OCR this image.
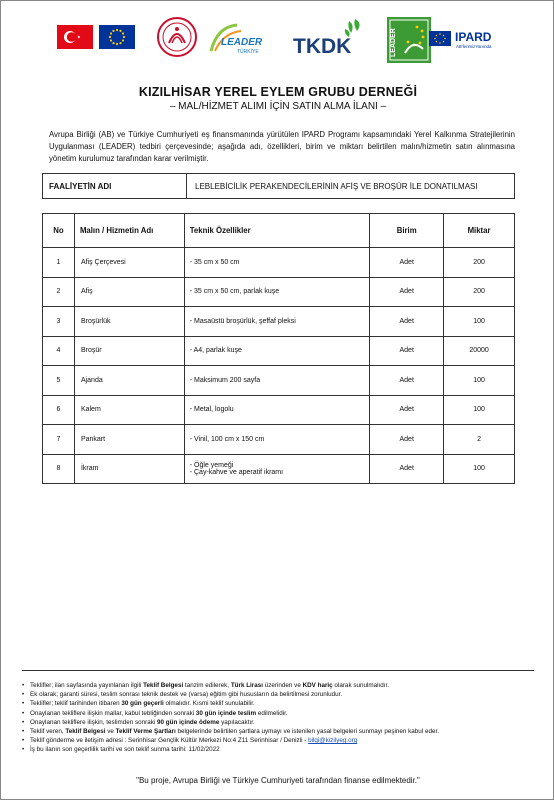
LEADER
TÜRKİYE TKDK	LEADER	IPARD
AB'lerimizYanında
KIZILHİSAR YEREL EYLEM GRUBU DERNEĞİ
– MAL/HİZMET ALIMI İÇİN SATIN ALMA İLANI –

Avrupa Birliği (AB) ve Türkiye Cumhuriyeti eş finansmanında yürütülen IPARD Programı kapsamındaki Yerel Kalkınma Stratejilerinin Uygulanması (LEADER) tedbiri çerçevesinde; aşağıda adı, özellikleri, birim ve miktarı belirtilen malın/hizmetin satın alınmasına yönetim kurulumuz tarafından karar verilmiştir.

FAALİYETİN ADI	LEBLEBİCİLİK PERAKENDECİLERİNİN AFİŞ VE BROŞÜR İLE DONATILMASI
No	Malın / Hizmetin Adı	Teknik Özellikler	Birim	Miktar
1	Afiş Çerçevesi	- 35 cm x 50 cm	Adet	200
2	Afiş	- 35 cm x 50 cm, parlak kuşe	Adet	200
3	Broşürlük	- Masaüstü broşürlük, şeffaf pleksi	Adet	100
4	Broşür	- A4, parlak kuşe	Adet	20000
5	Ajanda	- Maksimum 200 sayfa	Adet	100
6	Kalem	- Metal, logolu	Adet	100
7	Pankart	- Vinil, 100 cm x 150 cm	Adet	2
8	İkram	- Öğle yemeği
- Çay-kahve ve aperatif ikramı	Adet	100
• Teklifler; ilan sayfasında yayınlanan ilgili Teklif Belgesi tanzim edilerek, Türk Lirası üzerinden ve KDV hariç olarak sunulmalıdır.
• Ek olarak; garanti süresi, teslim sonrası teknik destek ve (varsa) eğitim gibi hususların da belirtilmesi zorunludur.
• Teklifler; teklif tarihinden itibaren 30 gün geçerli olmalıdır. Kısmi teklif sunulabilir.
• Onaylanan tekliflere ilişkin mallar, kabul tebliğinden sonraki 30 gün içinde teslim edilmelidir.
• Onaylanan tekliflere ilişkin, teslimden sonraki 90 gün içinde ödeme yapılacaktır.
• Teklif veren, Teklif Belgesi ve Teklif Verme Şartları belgelerinde belirtilen şartlara uymayı ve istenilen yasal belgeleri sunmayı peşinen kabul eder.
• Teklif gönderme ve iletişim adresi : Serinhisar Gençlik Kültür Merkezi No:4 Z11 Serinhisar / Denizli - bilgi@kizilyeg.org
• İş bu ilanın son geçerlilik tarihi ve son teklif sunma tarihi: 11/02/2022
"Bu proje, Avrupa Birliği ve Türkiye Cumhuriyeti tarafından finanse edilmektedir."
